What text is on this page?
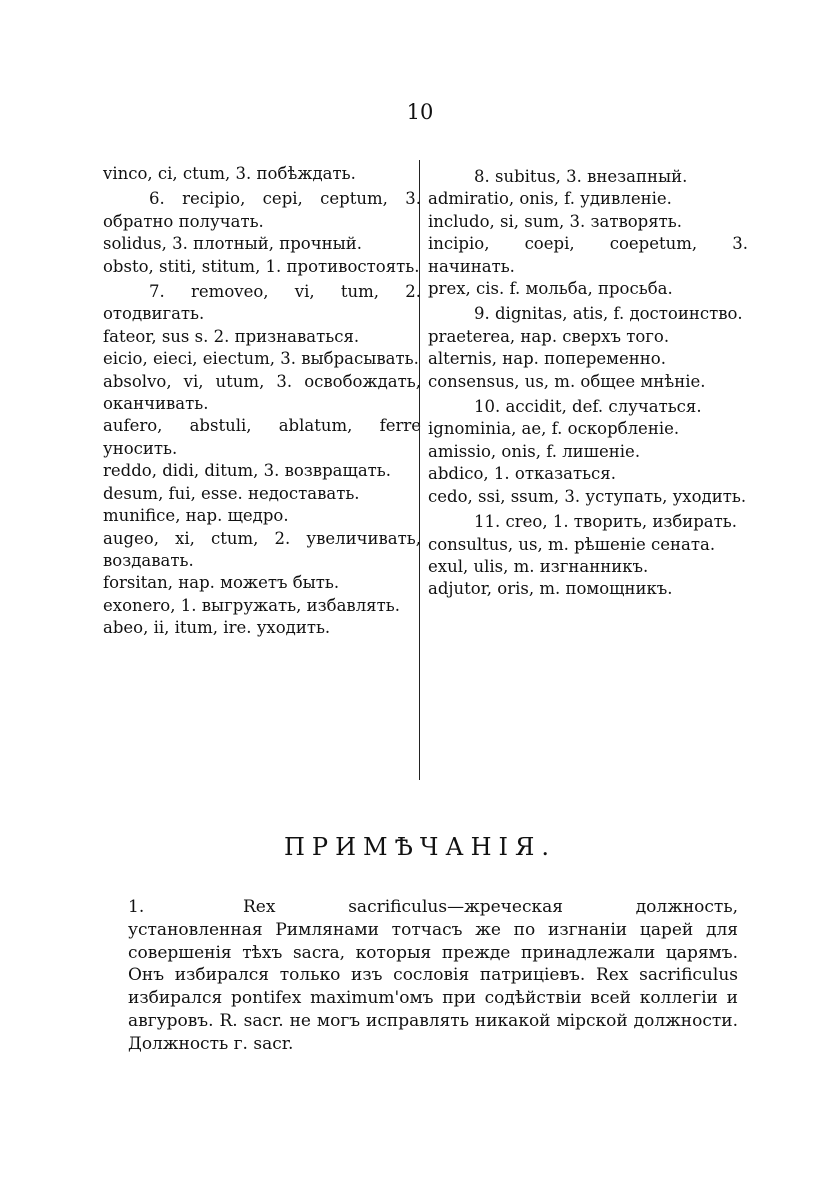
10

vinco, ci, ctum, 3. побѣждать.

6. recipio, cepi, ceptum, 3. обратно получать.

solidus, 3. плотный, прочный.

obsto, stiti, stitum, 1. противостоять.

7. removeo, vi, tum, 2. отодвигать.

fateor, sus s. 2. признаваться.

eicio, eieci, eiectum, 3. выбрасывать.

absolvo, vi, utum, 3. освобождать, оканчивать.

aufero, abstuli, ablatum, ferre уносить.

reddo, didi, ditum, 3. возвращать.

desum, fui, esse. недоставать.

munifice, нар. щедро.

augeo, xi, ctum, 2. увеличивать, воздавать.

forsitan, нар. можетъ быть.

exonero, 1. выгружать, избавлять.

abeo, ii, itum, ire. уходить.

8. subitus, 3. внезапный.

admiratio, onis, f. удивленіе.

includo, si, sum, 3. затворять.

incipio, coepi, coepetum, 3. начинать.

prex, cis. f. мольба, просьба.

9. dignitas, atis, f. достоинство.

praeterea, нар. сверхъ того.

alternis, нар. попеременно.

consensus, us, m. общее мнѣніе.

10. accidit, def. случаться.

ignominia, ae, f. оскорбленіе.

amissio, onis, f. лишеніе.

abdico, 1. отказаться.

cedo, ssi, ssum, 3. уступать, уходить.

11. creo, 1. творить, избирать.

consultus, us, m. рѣшеніе сената.

exul, ulis, m. изгнанникъ.

adjutor, oris, m. помощникъ.

ПРИМѢЧАНІЯ.
1.	Rex sacrificulus—жреческая должность, установленная Римлянами тотчасъ же по изгнаніи царей для совершенія тѣхъ sacra, которыя прежде принадлежали царямъ. Онъ избирался только изъ сословія патриціевъ. Rex sacrificulus избирался pontifex maximum'омъ при содѣйствіи всей коллегіи и авгуровъ. R. sacr. не могъ исправлять никакой мірской должности. Должность г. sacr.
